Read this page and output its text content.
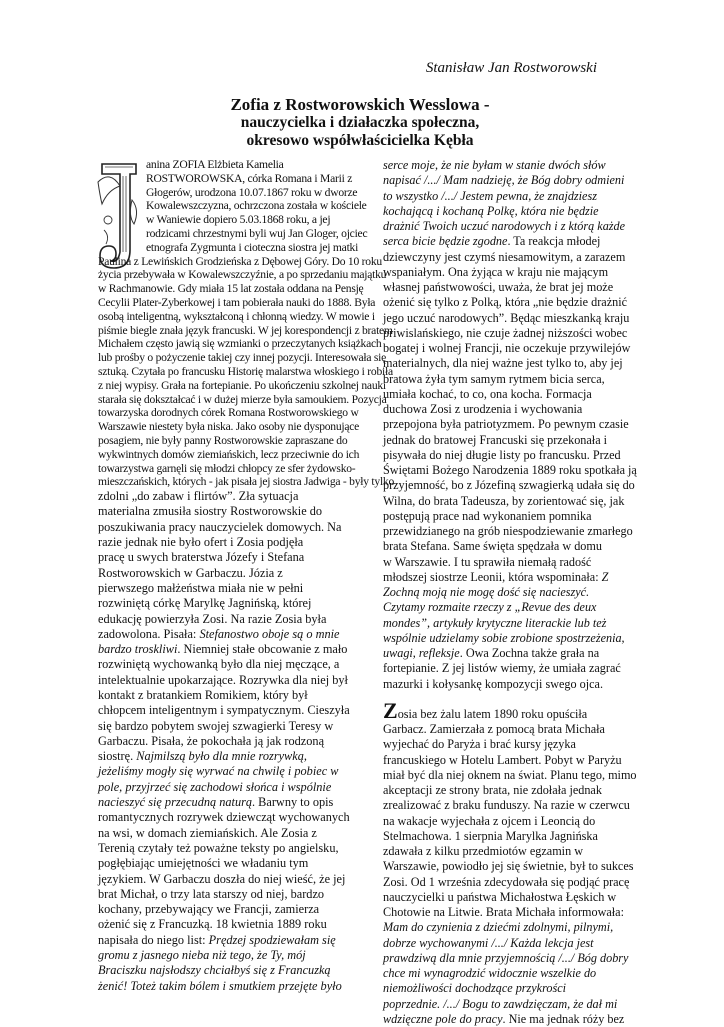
Stanisław Jan Rostworowski
Zofia z Rostworowskich Wesslowa -
nauczycielka i działaczka społeczna,
okresowo współwłaścicielka Kębła
anina ZOFIA Elżbieta Kamelia
ROSTWOROWSKA, córka Romana i Marii z
Głogerów, urodzona 10.07.1867 roku w dworze
Kowalewszczyzna, ochrzczona została w kościele
w Waniewie dopiero 5.03.1868 roku, a jej
rodzicami chrzestnymi byli wuj Jan Gloger, ojciec
etnografa Zygmunta i cioteczna siostra jej matki
Paulina z Lewińskich Grodzieńska z Dębowej Góry. Do 10 roku
życia przebywała w Kowalewszczyźnie, a po sprzedaniu majątku
w Rachmanowie. Gdy miała 15 lat została oddana na Pensję
Cecylii Plater-Zyberkowej i tam pobierała nauki do 1888. Była
osobą inteligentną, wykształconą i chłonną wiedzy. W mowie i
piśmie biegle znała język francuski. W jej korespondencji z bratem
Michałem często jawią się wzmianki o przeczytanych książkach
lub prośby o pożyczenie takiej czy innej pozycji. Interesowała się
sztuką. Czytała po francusku Historię malarstwa włoskiego i robiła
z niej wypisy. Grała na fortepianie. Po ukończeniu szkolnej nauki
starała się dokształcać i w dużej mierze była samoukiem. Pozycja
towarzyska dorodnych córek Romana Rostworowskiego w
Warszawie niestety była niska. Jako osoby nie dysponujące
posagiem, nie były panny Rostworowskie zapraszane do
wykwintnych domów ziemiańskich, lecz przeciwnie do ich
towarzystwa garnęli się młodzi chłopcy ze sfer żydowsko-
mieszczańskich, których - jak pisała jej siostra Jadwiga - były tylko
zdolni „do zabaw i flirtów”. Zła sytuacja
materialna zmusiła siostry Rostworowskie do
poszukiwania pracy nauczycielek domowych. Na
razie jednak nie było ofert i Zosia podjęła
pracę u swych braterstwa Józefy i Stefana
Rostworowskich w Garbaczu. Józia z
pierwszego małżeństwa miała nie w pełni
rozwiniętą córkę Marylkę Jagnińską, której
edukację powierzyła Zosi. Na razie Zosia była
zadowolona. Pisała: Stefanostwo oboje są o mnie
bardzo troskliwi. Niemniej stałe obcowanie z mało
rozwiniętą wychowanką było dla niej męczące, a
intelektualnie upokarzające. Rozrywka dla niej był
kontakt z bratankiem Romikiem, który był
chłopcem inteligentnym i sympatycznym. Cieszyła
się bardzo pobytem swojej szwagierki Teresy w
Garbaczu. Pisała, że pokochała ją jak rodzoną
siostrę. Najmilszą było dla mnie rozrywką,
jeżeliśmy mogły się wyrwać na chwilę i pobiec w
pole, przyjrzeć się zachodowi słońca i wspólnie
nacieszyć się przecudną naturą. Barwny to opis
romantycznych rozrywek dziewcząt wychowanych
na wsi, w domach ziemiańskich. Ale Zosia z
Terenią czytały też poważne teksty po angielsku,
pogłębiając umiejętności we władaniu tym
językiem. W Garbaczu doszła do niej wieść, że jej
brat Michał, o trzy lata starszy od niej, bardzo
kochany, przebywający we Francji, zamierza
ożenić się z Francuzką. 18 kwietnia 1889 roku
napisała do niego list: Prędzej spodziewałam się
gromu z jasnego nieba niż tego, że Ty, mój
Braciszku najsłodszy chciałbyś się z Francuzką
żenić! Toteż takim bólem i smutkiem przejęte było
serce moje, że nie byłam w stanie dwóch słów
napisać /.../ Mam nadzieję, że Bóg dobry odmieni
to wszystko /.../ Jestem pewna, że znajdziesz
kochającą i kochaną Polkę, która nie będzie
drażnić Twoich uczuć narodowych i z którą każde
serca bicie będzie zgodne. Ta reakcja młodej
dziewczyny jest czymś niesamowitym, a zarazem
wspaniałym. Ona żyjąca w kraju nie mającym
własnej państwowości, uważa, że brat jej może
ożenić się tylko z Polką, która „nie będzie drażnić
jego uczuć narodowych”. Będąc mieszkanką kraju
priwislańskiego, nie czuje żadnej niższości wobec
bogatej i wolnej Francji, nie oczekuje przywilejów
materialnych, dla niej ważne jest tylko to, aby jej
bratowa żyła tym samym rytmem bicia serca,
umiała kochać, to co, ona kocha. Formacja
duchowa Zosi z urodzenia i wychowania
przepojona była patriotyzmem. Po pewnym czasie
jednak do bratowej Francuski się przekonała i
pisywała do niej długie listy po francusku. Przed
Świętami Bożego Narodzenia 1889 roku spotkała ją
przyjemność, bo z Józefiną szwagierką udała się do
Wilna, do brata Tadeusza, by zorientować się, jak
postępują prace nad wykonaniem pomnika
przewidzianego na grób niespodziewanie zmarłego
brata Stefana. Same święta spędzała w domu
w Warszawie. I tu sprawiła niemałą radość
młodszej siostrze Leonii, która wspominała: Z
Zochną moją nie mogę dość się nacieszyć.
Czytamy rozmaite rzeczy z „Revue des deux
mondes”, artykuły krytyczne literackie lub też
wspólnie udzielamy sobie zrobione spostrzeżenia,
uwagi, refleksje. Owa Zochna także grała na
fortepianie. Z jej listów wiemy, że umiała zagrać
mazurki i kołysankę kompozycji swego ojca.
Zosia bez żalu latem 1890 roku opuściła
Garbacz. Zamierzała z pomocą brata Michała
wyjechać do Paryża i brać kursy języka
francuskiego w Hotelu Lambert. Pobyt w Paryżu
miał być dla niej oknem na świat. Planu tego, mimo
akceptacji ze strony brata, nie zdołała jednak
zrealizować z braku funduszy. Na razie w czerwcu
na wakacje wyjechała z ojcem i Leoncią do
Stelmachowa. 1 sierpnia Marylka Jagnińska
zdawała z kilku przedmiotów egzamin w
Warszawie, powiodło jej się świetnie, był to sukces
Zosi. Od 1 września zdecydowała się podjąć pracę
nauczycielki u państwa Michałostwa Łęskich w
Chotowie na Litwie. Brata Michała informowała:
Mam do czynienia z dziećmi zdolnymi, pilnymi,
dobrze wychowanymi /.../ Każda lekcja jest
prawdziwą dla mnie przyjemnością /.../ Bóg dobry
chce mi wynagrodzić widocznie wszelkie do
niemożliwości dochodzące przykrości
poprzednie. /.../ Bogu to zawdzięczam, że dał mi
wdzięczne pole do pracy. Nie ma jednak róży bez
